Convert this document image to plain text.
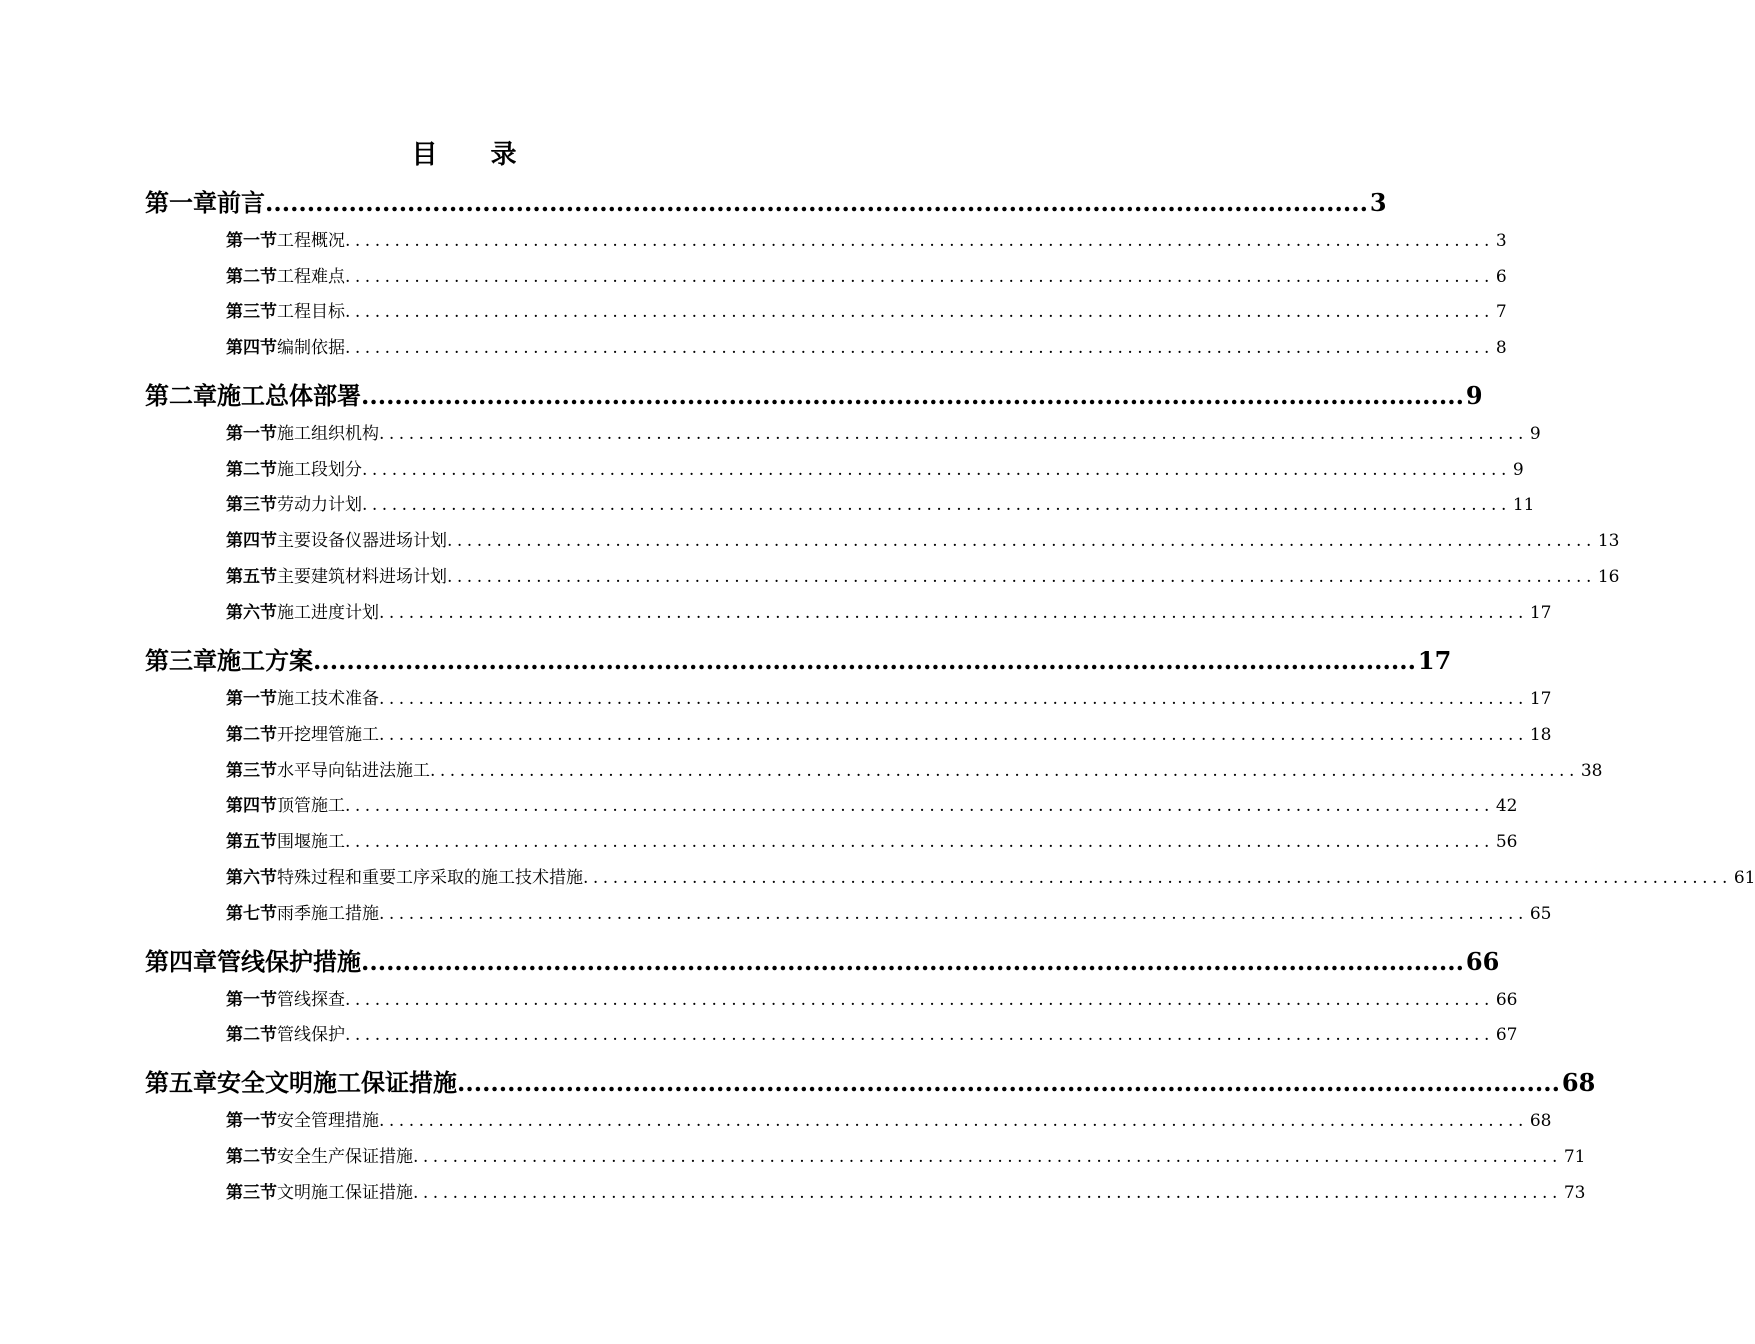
目 录
第一章 前言 .................................................................................................................................... 3
第一节 工程概况 .................................................................................................................... 3
第二节 工程难点 .................................................................................................................... 6
第三节 工程目标 .................................................................................................................... 7
第四节 编制依据 .................................................................................................................... 8
第二章 施工总体部署 .................................................................................................................................... 9
第一节 施工组织机构 .................................................................................................................... 9
第二节 施工段划分 .................................................................................................................... 9
第三节 劳动力计划 .................................................................................................................... 11
第四节 主要设备仪器进场计划 .................................................................................................................... 13
第五节 主要建筑材料进场计划 .................................................................................................................... 16
第六节 施工进度计划 .................................................................................................................... 17
第三章 施工方案 .................................................................................................................................... 17
第一节 施工技术准备 .................................................................................................................... 17
第二节 开挖埋管施工 .................................................................................................................... 18
第三节 水平导向钻进法施工 .................................................................................................................... 38
第四节 顶管施工 .................................................................................................................... 42
第五节 围堰施工 .................................................................................................................... 56
第六节 特殊过程和重要工序采取的施工技术措施 .................................................................................................................... 61
第七节 雨季施工措施 .................................................................................................................... 65
第四章 管线保护措施 .................................................................................................................................... 66
第一节 管线探查 .................................................................................................................... 66
第二节 管线保护 .................................................................................................................... 67
第五章 安全文明施工保证措施 .................................................................................................................................... 68
第一节 安全管理措施 .................................................................................................................... 68
第二节 安全生产保证措施 .................................................................................................................... 71
第三节 文明施工保证措施 .................................................................................................................... 73
